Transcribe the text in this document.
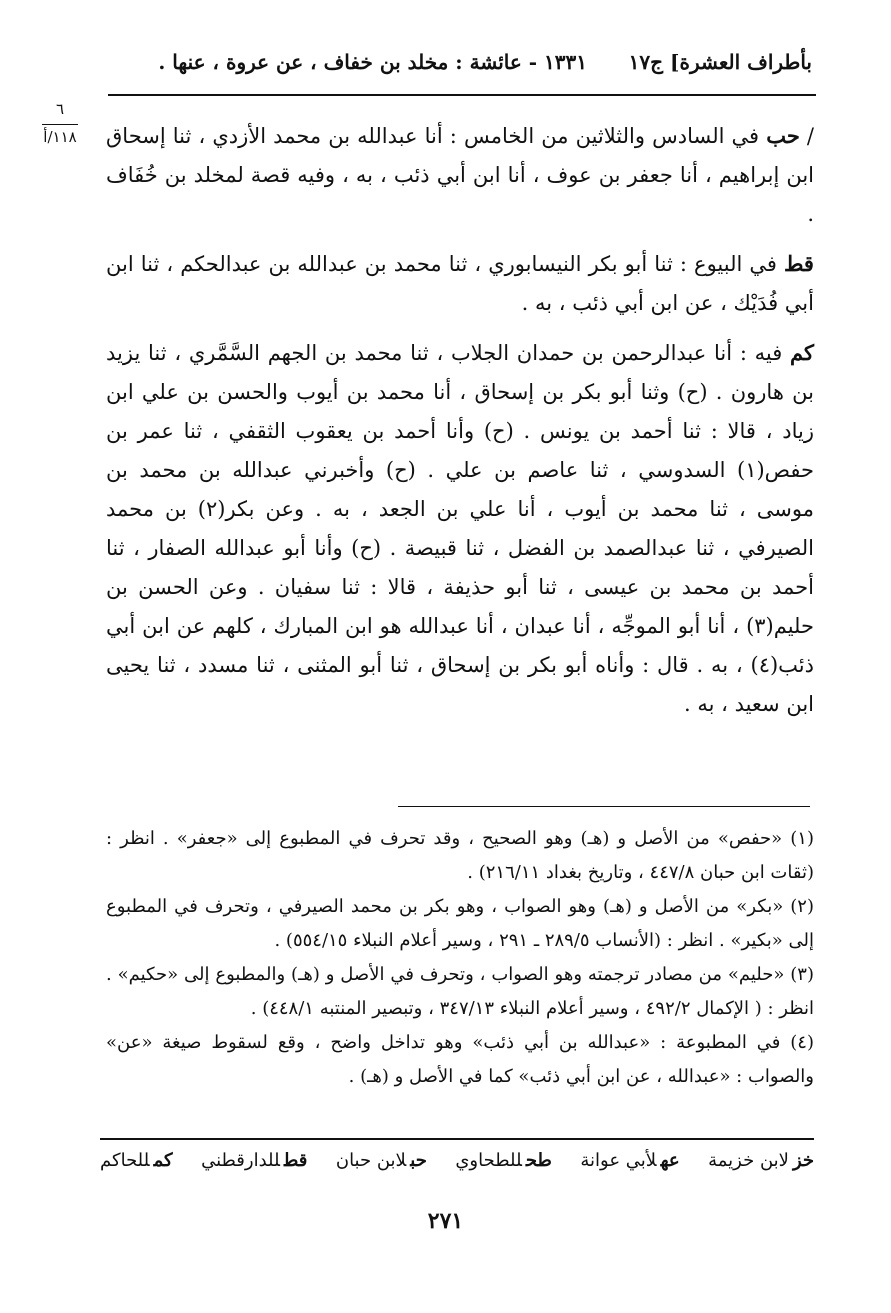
بأطراف العشرة] ج١٧
١٣٣١ - عائشة : مخلد بن خفاف ، عن عروة ، عنها .
٦
١١٨/أ	/ حب في السادس والثلاثين من الخامس : أنا عبدالله بن محمد الأزدي ، ثنا إسحاق ابن إبراهيم ، أنا جعفر بن عوف ، أنا ابن أبي ذئب ، به ، وفيه قصة لمخلد بن خُفَاف .

قط في البيوع : ثنا أبو بكر النيسابوري ، ثنا محمد بن عبدالله بن عبدالحكم ، ثنا ابن أبي فُدَيْك ، عن ابن أبي ذئب ، به .

كم فيه : أنا عبدالرحمن بن حمدان الجلاب ، ثنا محمد بن الجهم السَّمَّري ، ثنا يزيد بن هارون . (ح) وثنا أبو بكر بن إسحاق ، أنا محمد بن أيوب والحسن بن علي ابن زياد ، قالا : ثنا أحمد بن يونس . (ح) وأنا أحمد بن يعقوب الثقفي ، ثنا عمر بن حفص(١) السدوسي ، ثنا عاصم بن علي . (ح) وأخبرني عبدالله بن محمد بن موسى ، ثنا محمد بن أيوب ، أنا علي بن الجعد ، به . وعن بكر(٢) بن محمد الصيرفي ، ثنا عبدالصمد بن الفضل ، ثنا قبيصة . (ح) وأنا أبو عبدالله الصفار ، ثنا أحمد بن محمد بن عيسى ، ثنا أبو حذيفة ، قالا : ثنا سفيان . وعن الحسن بن حليم(٣) ، أنا أبو الموجِّه ، أنا عبدان ، أنا عبدالله هو ابن المبارك ، كلهم عن ابن أبي ذئب(٤) ، به . قال : وأناه أبو بكر بن إسحاق ، ثنا أبو المثنى ، ثنا مسدد ، ثنا يحيى ابن سعيد ، به .

(١) «حفص» من الأصل و (هـ) وهو الصحيح ، وقد تحرف في المطبوع إلى «جعفر» . انظر : (ثقات ابن حبان ٤٤٧/٨ ، وتاريخ بغداد ٢١٦/١١) .

(٢) «بكر» من الأصل و (هـ) وهو الصواب ، وهو بكر بن محمد الصيرفي ، وتحرف في المطبوع إلى «بكير» . انظر : (الأنساب ٢٨٩/٥ ـ ٢٩١ ، وسير أعلام النبلاء ٥٥٤/١٥) .

(٣) «حليم» من مصادر ترجمته وهو الصواب ، وتحرف في الأصل و (هـ) والمطبوع إلى «حكيم» . انظر : ( الإكمال ٤٩٢/٢ ، وسير أعلام النبلاء ٣٤٧/١٣ ، وتبصير المنتبه ٤٤٨/١) .

(٤) في المطبوعة : «عبدالله بن أبي ذئب» وهو تداخل واضح ، وقع لسقوط صيغة «عن» والصواب : «عبدالله ، عن ابن أبي ذئب» كما في الأصل و (هـ) .

خزلابن خزيمة
عهلأبي عوانة
طحللطحاوي
حبلابن حبان
قطللدارقطني
كمللحاكم
٢٧١
